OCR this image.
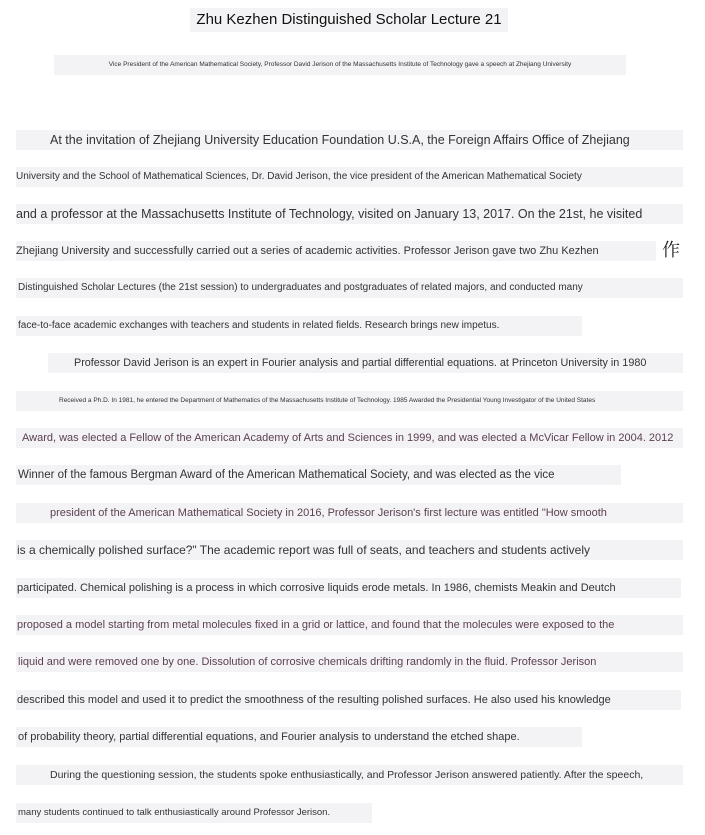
Zhu Kezhen Distinguished Scholar Lecture 21
Vice President of the American Mathematical Society, Professor David Jerison of the Massachusetts Institute of Technology gave a speech at Zhejiang University
作
At the invitation of Zhejiang University Education Foundation U.S.A, the Foreign Affairs Office of Zhejiang
University and the School of Mathematical Sciences, Dr. David Jerison, the vice president of the American Mathematical Society
and a professor at the Massachusetts Institute of Technology, visited on January 13, 2017. On the 21st, he visited
Zhejiang University and successfully carried out a series of academic activities. Professor Jerison gave two Zhu Kezhen
Distinguished Scholar Lectures (the 21st session) to undergraduates and postgraduates of related majors, and conducted many
face-to-face academic exchanges with teachers and students in related fields. Research brings new impetus.
Professor David Jerison is an expert in Fourier analysis and partial differential equations. at Princeton University in 1980
Received a Ph.D. In 1981, he entered the Department of Mathematics of the Massachusetts Institute of Technology. 1985 Awarded the Presidential Young Investigator of the United States
Award, was elected a Fellow of the American Academy of Arts and Sciences in 1999, and was elected a McVicar Fellow in 2004. 2012
Winner of the famous Bergman Award of the American Mathematical Society, and was elected as the vice
president of the American Mathematical Society in 2016, Professor Jerison's first lecture was entitled "How smooth
is a chemically polished surface?" The academic report was full of seats, and teachers and students actively
participated. Chemical polishing is a process in which corrosive liquids erode metals. In 1986, chemists Meakin and Deutch
proposed a model starting from metal molecules fixed in a grid or lattice, and found that the molecules were exposed to the
liquid and were removed one by one. Dissolution of corrosive chemicals drifting randomly in the fluid. Professor Jerison
described this model and used it to predict the smoothness of the resulting polished surfaces. He also used his knowledge
of probability theory, partial differential equations, and Fourier analysis to understand the etched shape.
During the questioning session, the students spoke enthusiastically, and Professor Jerison answered patiently. After the speech,
many students continued to talk enthusiastically around Professor Jerison.
